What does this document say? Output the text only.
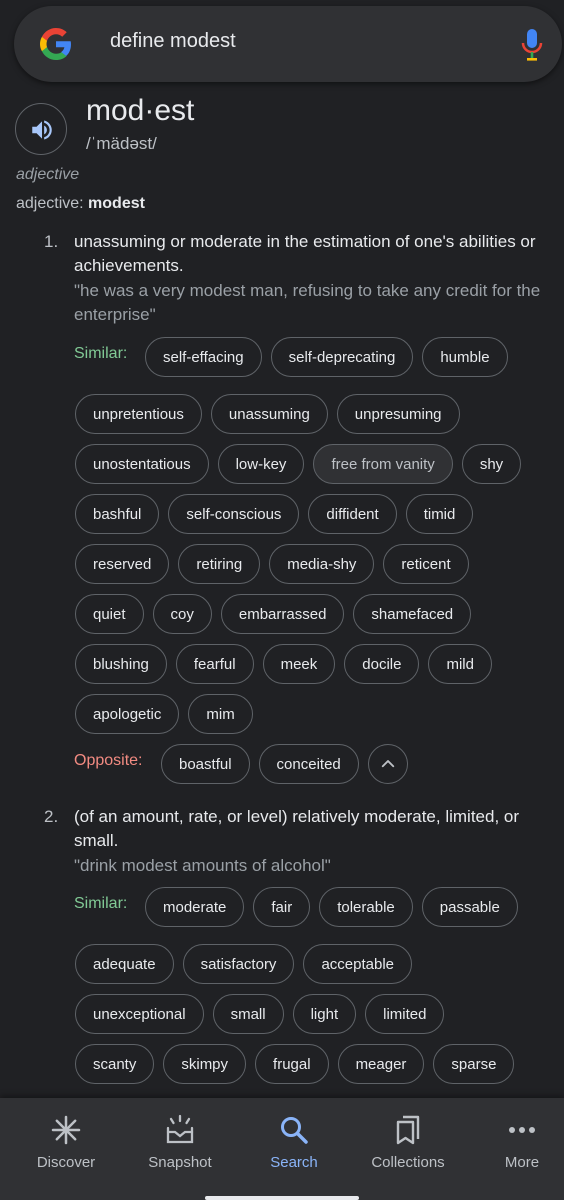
define modest
mod·est
/ˈmädəst/
adjective
adjective: modest
1. unassuming or moderate in the estimation of one's abilities or achievements.
"he was a very modest man, refusing to take any credit for the enterprise"
Similar:	self-effacing	self-deprecating	humble
unpretentious	unassuming	unpresuming
unostentatious	low-key	free from vanity	shy
bashful	self-conscious	diffident	timid
reserved	retiring	media-shy	reticent
quiet	coy	embarrassed	shamefaced
blushing	fearful	meek	docile	mild
apologetic	mim
Opposite:	boastful	conceited
2. (of an amount, rate, or level) relatively moderate, limited, or small.
"drink modest amounts of alcohol"
Similar:	moderate	fair	tolerable	passable
adequate	satisfactory	acceptable
unexceptional	small	light	limited
scanty	skimpy	frugal	meager	sparse
Discover	Snapshot	Search	Collections	More
